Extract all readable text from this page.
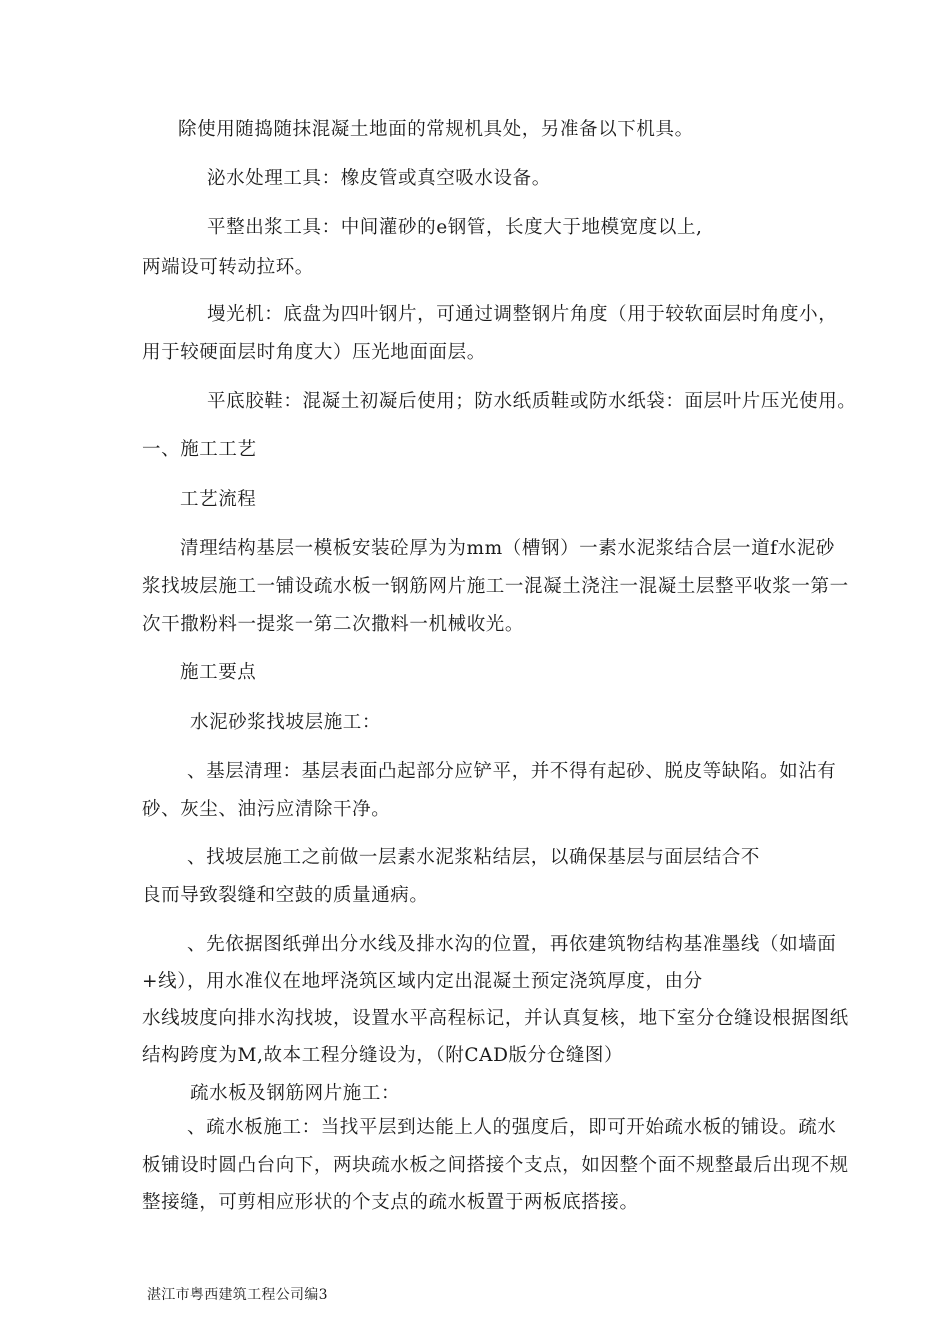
除使用随捣随抹混凝土地面的常规机具处，另准备以下机具。
泌水处理工具：橡皮管或真空吸水设备。
平整出浆工具：中间灌砂的e钢管，长度大于地模宽度以上,
两端设可转动拉环。
墁光机：底盘为四叶钢片，可通过调整钢片角度（用于较软面层时角度小，
用于较硬面层时角度大）压光地面面层。
平底胶鞋：混凝土初凝后使用；防水纸质鞋或防水纸袋：面层叶片压光使用。
一、施工工艺
工艺流程
清理结构基层一模板安装砼厚为为mm（槽钢）一素水泥浆结合层一道f水泥砂
浆找坡层施工一铺设疏水板一钢筋网片施工一混凝土浇注一混凝土层整平收浆一第一
次干撒粉料一提浆一第二次撒料一机械收光。
施工要点
水泥砂浆找坡层施工：
、基层清理：基层表面凸起部分应铲平，并不得有起砂、脱皮等缺陷。如沾有
砂、灰尘、油污应清除干净。
、找坡层施工之前做一层素水泥浆粘结层，以确保基层与面层结合不
良而导致裂缝和空鼓的质量通病。
、先依据图纸弹出分水线及排水沟的位置，再依建筑物结构基准墨线（如墙面
+线），用水准仪在地坪浇筑区域内定出混凝土预定浇筑厚度，由分
水线坡度向排水沟找坡，设置水平高程标记，并认真复核，地下室分仓缝设根据图纸
结构跨度为M,故本工程分缝设为，（附CAD版分仓缝图）
疏水板及钢筋网片施工：
、疏水板施工：当找平层到达能上人的强度后，即可开始疏水板的铺设。疏水
板铺设时圆凸台向下，两块疏水板之间搭接个支点，如因整个面不规整最后出现不规
整接缝，可剪相应形状的个支点的疏水板置于两板底搭接。
湛江市粤西建筑工程公司编3
